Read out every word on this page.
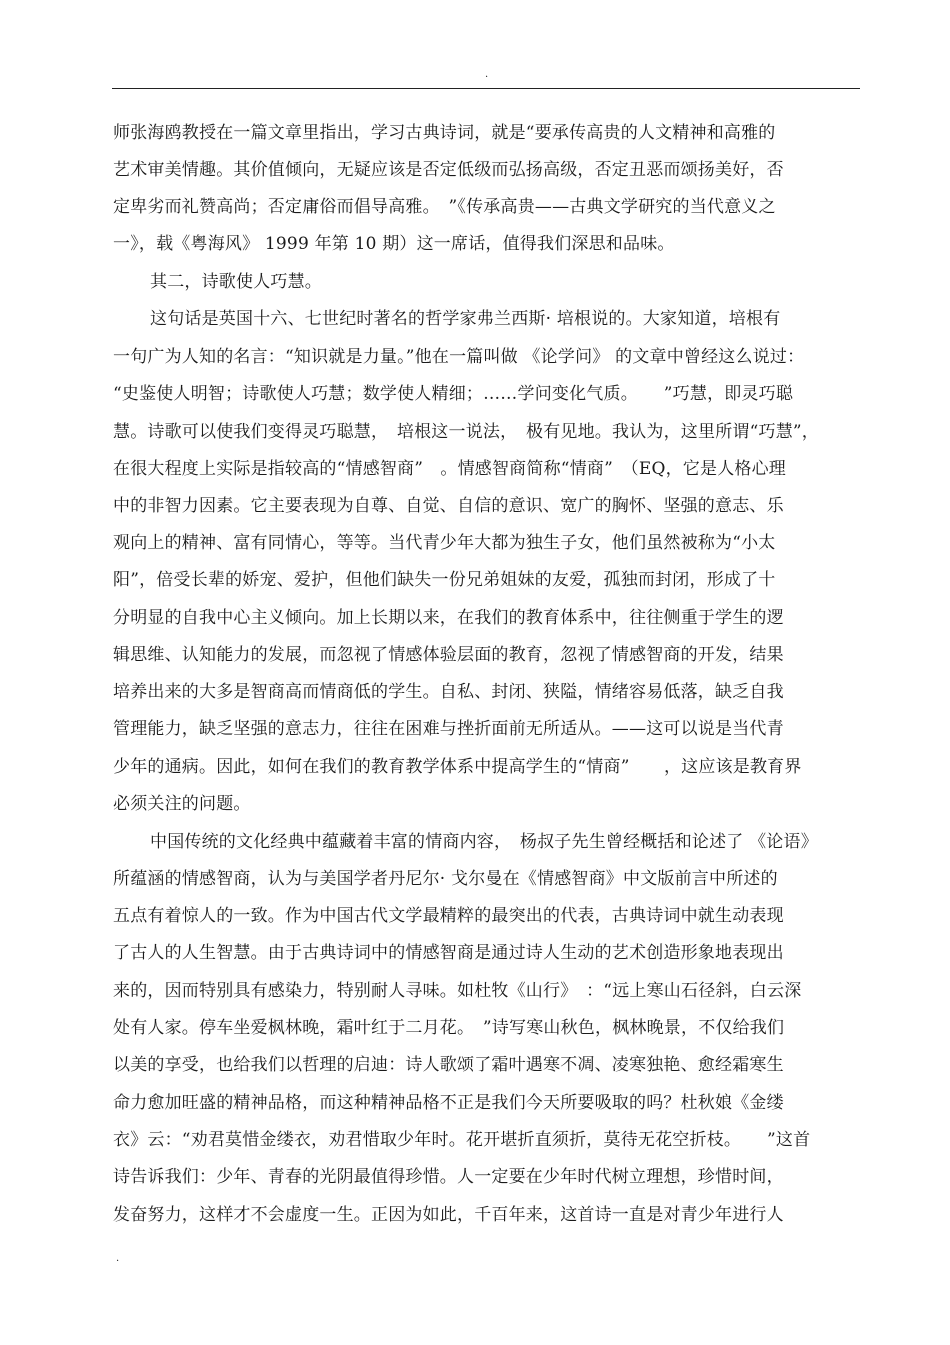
.
师张海鸥教授在一篇文章里指出，学习古典诗词，就是“要承传高贵的人文精神和高雅的
艺术审美情趣。其价值倾向，无疑应该是否定低级而弘扬高级，否定丑恶而颂扬美好，否
定卑劣而礼赞高尚；否定庸俗而倡导高雅。　”《传承高贵——古典文学研究的当代意义之
一》，载《粤海风》 1999 年第 10 期）这一席话，值得我们深思和品味。
其二，诗歌使人巧慧。
这句话是英国十六、七世纪时著名的哲学家弗兰西斯· 培根说的。大家知道，培根有
一句广为人知的名言：“知识就是力量。”他在一篇叫做 《论学问》 的文章中曾经这么说过：
“史鉴使人明智；诗歌使人巧慧；数学使人精细；……学问变化气质。　　”巧慧，即灵巧聪
慧。诗歌可以使我们变得灵巧聪慧，　培根这一说法，　极有见地。我认为，这里所谓“巧慧”，
在很大程度上实际是指较高的“情感智商”　。情感智商简称“情商”　（EQ，它是人格心理
中的非智力因素。它主要表现为自尊、自觉、自信的意识、宽广的胸怀、坚强的意志、乐
观向上的精神、富有同情心，等等。当代青少年大都为独生子女，他们虽然被称为“小太
阳”，倍受长辈的娇宠、爱护，但他们缺失一份兄弟姐妹的友爱，孤独而封闭，形成了十
分明显的自我中心主义倾向。加上长期以来，在我们的教育体系中，往往侧重于学生的逻
辑思维、认知能力的发展，而忽视了情感体验层面的教育，忽视了情感智商的开发，结果
培养出来的大多是智商高而情商低的学生。自私、封闭、狭隘，情绪容易低落，缺乏自我
管理能力，缺乏坚强的意志力，往往在困难与挫折面前无所适从。——这可以说是当代青
少年的通病。因此，如何在我们的教育教学体系中提高学生的“情商”　　，这应该是教育界
必须关注的问题。
中国传统的文化经典中蕴藏着丰富的情商内容，　杨叔子先生曾经概括和论述了 《论语》
所蕴涵的情感智商，认为与美国学者丹尼尔· 戈尔曼在《情感智商》中文版前言中所述的
五点有着惊人的一致。作为中国古代文学最精粹的最突出的代表，古典诗词中就生动表现
了古人的人生智慧。由于古典诗词中的情感智商是通过诗人生动的艺术创造形象地表现出
来的，因而特别具有感染力，特别耐人寻味。如杜牧《山行》　：“远上寒山石径斜，白云深
处有人家。停车坐爱枫林晚，霜叶红于二月花。　”诗写寒山秋色，枫林晚景，不仅给我们
以美的享受，也给我们以哲理的启迪：诗人歌颂了霜叶遇寒不凋、凌寒独艳、愈经霜寒生
命力愈加旺盛的精神品格，而这种精神品格不正是我们今天所要吸取的吗？杜秋娘《金缕
衣》云：“劝君莫惜金缕衣，劝君惜取少年时。花开堪折直须折，莫待无花空折枝。　　”这首
诗告诉我们：少年、青春的光阴最值得珍惜。人一定要在少年时代树立理想，珍惜时间，
发奋努力，这样才不会虚度一生。正因为如此，千百年来，这首诗一直是对青少年进行人
.
